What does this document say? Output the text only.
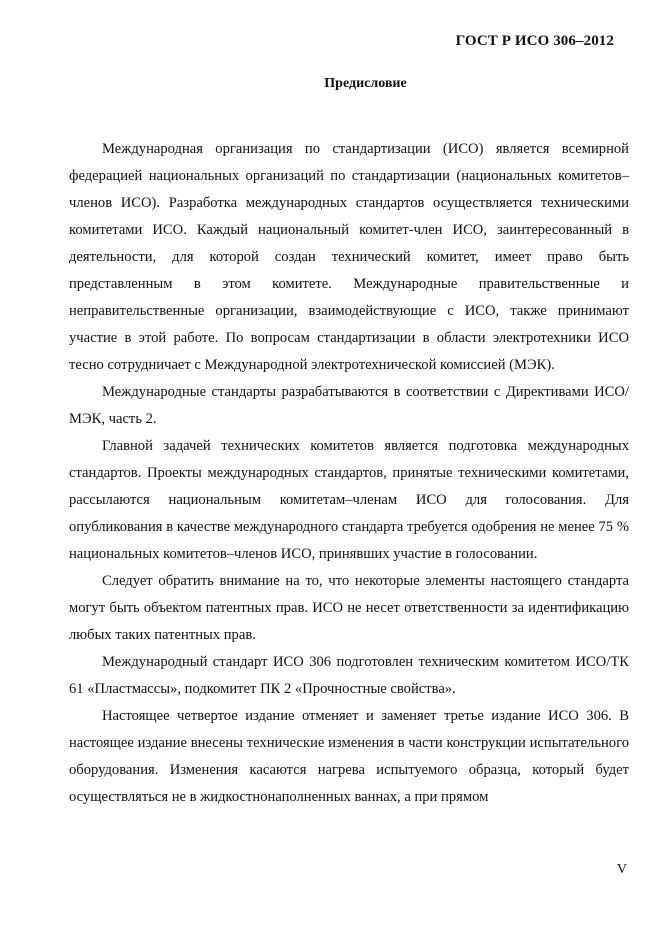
ГОСТ Р ИСО 306–2012
Предисловие

Международная организация по стандартизации (ИСО) является всемирной федерацией национальных организаций по стандартизации (национальных комитетов–членов ИСО). Разработка международных стандартов осуществляется техническими комитетами ИСО. Каждый национальный комитет-член ИСО, заинтересованный в деятельности, для которой создан технический комитет, имеет право быть представленным в этом комитете. Международные правительственные и неправительственные организации, взаимодействующие с ИСО, также принимают участие в этой работе. По вопросам стандартизации в области электротехники ИСО тесно сотрудничает с Международной электротехнической комиссией (МЭК).

Международные стандарты разрабатываются в соответствии с Директивами ИСО/МЭК, часть 2.

Главной задачей технических комитетов является подготовка международных стандартов. Проекты международных стандартов, принятые техническими комитетами, рассылаются национальным комитетам–членам ИСО для голосования. Для опубликования в качестве международного стандарта требуется одобрения не менее 75 % национальных комитетов–членов ИСО, принявших участие в голосовании.

Следует обратить внимание на то, что некоторые элементы настоящего стандарта могут быть объектом патентных прав. ИСО не несет ответственности за идентификацию любых таких патентных прав.

Международный стандарт ИСО 306 подготовлен техническим комитетом ИСО/ТК 61 «Пластмассы», подкомитет ПК 2 «Прочностные свойства».

Настоящее четвертое издание отменяет и заменяет третье издание ИСО 306. В настоящее издание внесены технические изменения в части конструкции испытательного оборудования. Изменения касаются нагрева испытуемого образца, который будет осуществляться не в жидкостнонаполненных ваннах, а при прямом

V
